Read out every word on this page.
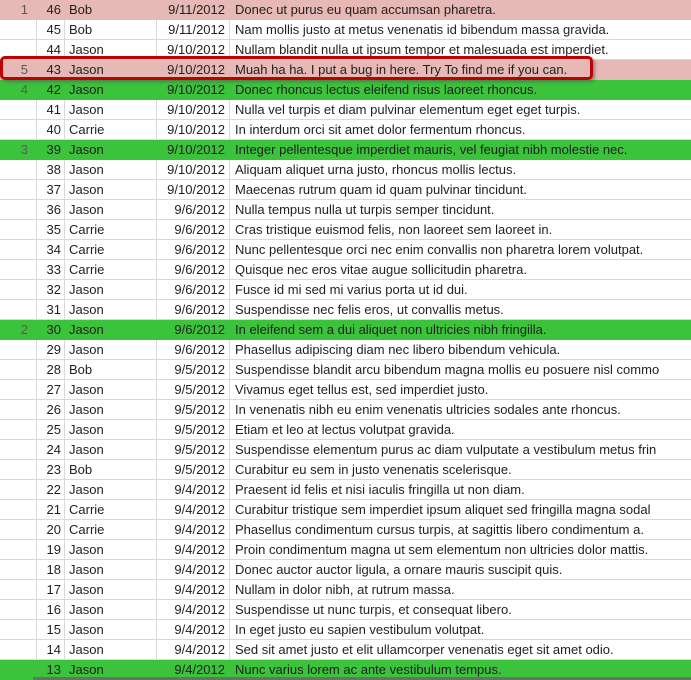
1	46 Bob	9/11/2012 Donec ut purus eu quam accumsan pharetra.
45 Bob	9/11/2012 Nam mollis justo at metus venenatis id bibendum massa gravida.
44 Jason	9/10/2012 Nullam blandit nulla ut ipsum tempor et malesuada est imperdiet.
5	43 Jason	9/10/2012 Muah ha ha. I put a bug in here. Try To find me if you can.
4	42 Jason	9/10/2012 Donec rhoncus lectus eleifend risus laoreet rhoncus.
41 Jason	9/10/2012 Nulla vel turpis et diam pulvinar elementum eget eget turpis.
40 Carrie	9/10/2012 In interdum orci sit amet dolor fermentum rhoncus.
3	39 Jason	9/10/2012 Integer pellentesque imperdiet mauris, vel feugiat nibh molestie nec.
38 Jason	9/10/2012 Aliquam aliquet urna justo, rhoncus mollis lectus.
37 Jason	9/10/2012 Maecenas rutrum quam id quam pulvinar tincidunt.
36 Jason	9/6/2012 Nulla tempus nulla ut turpis semper tincidunt.
35 Carrie	9/6/2012 Cras tristique euismod felis, non laoreet sem laoreet in.
34 Carrie	9/6/2012 Nunc pellentesque orci nec enim convallis non pharetra lorem volutpat.
33 Carrie	9/6/2012 Quisque nec eros vitae augue sollicitudin pharetra.
32 Jason	9/6/2012 Fusce id mi sed mi varius porta ut id dui.
31 Jason	9/6/2012 Suspendisse nec felis eros, ut convallis metus.
2	30 Jason	9/6/2012 In eleifend sem a dui aliquet non ultricies nibh fringilla.
29 Jason	9/6/2012 Phasellus adipiscing diam nec libero bibendum vehicula.
28 Bob	9/5/2012 Suspendisse blandit arcu bibendum magna mollis eu posuere nisl commo
27 Jason	9/5/2012 Vivamus eget tellus est, sed imperdiet justo.
26 Jason	9/5/2012 In venenatis nibh eu enim venenatis ultricies sodales ante rhoncus.
25 Jason	9/5/2012 Etiam et leo at lectus volutpat gravida.
24 Jason	9/5/2012 Suspendisse elementum purus ac diam vulputate a vestibulum metus frin
23 Bob	9/5/2012 Curabitur eu sem in justo venenatis scelerisque.
22 Jason	9/4/2012 Praesent id felis et nisi iaculis fringilla ut non diam.
21 Carrie	9/4/2012 Curabitur tristique sem imperdiet ipsum aliquet sed fringilla magna sodal
20 Carrie	9/4/2012 Phasellus condimentum cursus turpis, at sagittis libero condimentum a.
19 Jason	9/4/2012 Proin condimentum magna ut sem elementum non ultricies dolor mattis.
18 Jason	9/4/2012 Donec auctor auctor ligula, a ornare mauris suscipit quis.
17 Jason	9/4/2012 Nullam in dolor nibh, at rutrum massa.
16 Jason	9/4/2012 Suspendisse ut nunc turpis, et consequat libero.
15 Jason	9/4/2012 In eget justo eu sapien vestibulum volutpat.
14 Jason	9/4/2012 Sed sit amet justo et elit ullamcorper venenatis eget sit amet odio.
13 Jason	9/4/2012 Nunc varius lorem ac ante vestibulum tempus.
